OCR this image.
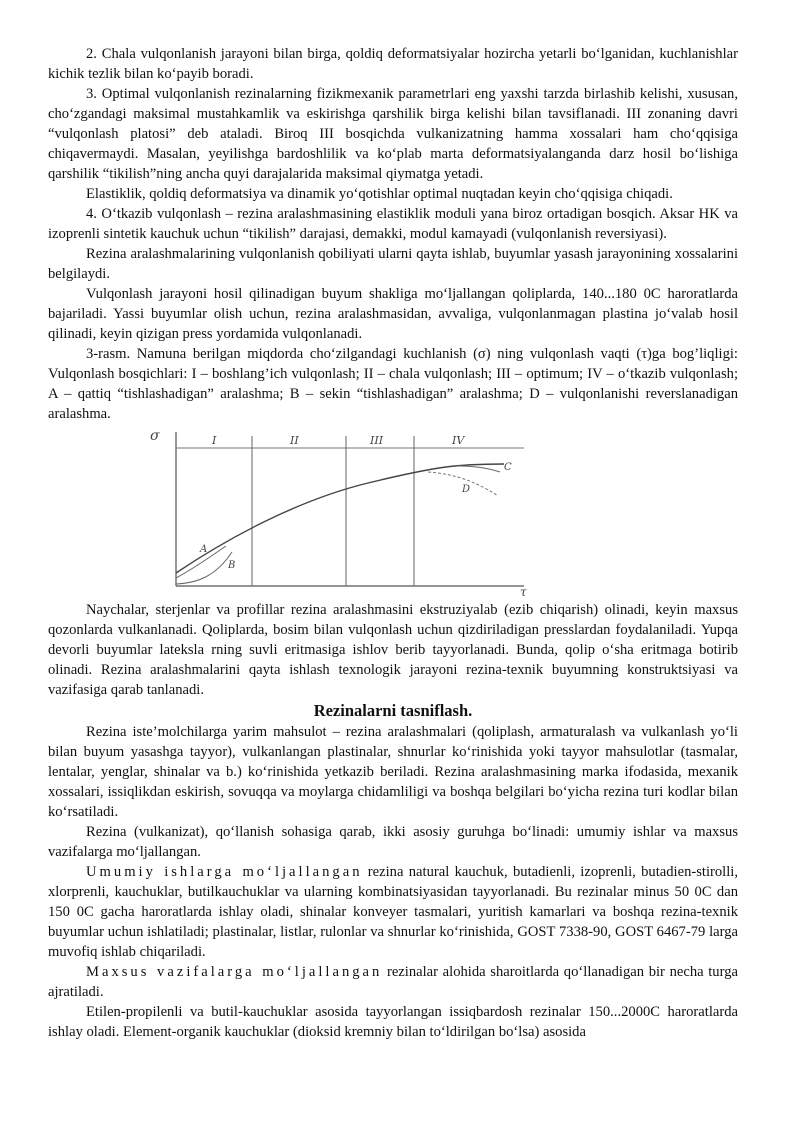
2. Chala vulqonlanish jarayoni bilan birga, qoldiq deformatsiyalar hozircha yetarli bo‘lganidan, kuchlanishlar kichik tezlik bilan ko‘payib boradi.

3. Optimal vulqonlanish rezinalarning fizikmexanik parametrlari eng yaxshi tarzda birlashib kelishi, xususan, cho‘zgandagi maksimal mustahkamlik va eskirishga qarshilik birga kelishi bilan tavsiflanadi. III zonaning davri “vulqonlash platosi” deb ataladi. Biroq III bosqichda vulkanizatning hamma xossalari ham cho‘qqisiga chiqavermaydi. Masalan, yeyilishga bardoshlilik va ko‘plab marta deformatsiyalanganda darz hosil bo‘lishiga qarshilik “tikilish”ning ancha quyi darajalarida maksimal qiymatga yetadi.

Elastiklik, qoldiq deformatsiya va dinamik yo‘qotishlar optimal nuqtadan keyin cho‘qqisiga chiqadi.

4. O‘tkazib vulqonlash – rezina aralashmasining elastiklik moduli yana biroz ortadigan bosqich. Aksar HK va izoprenli sintetik kauchuk uchun “tikilish” darajasi, demakki, modul kamayadi (vulqonlanish reversiyasi).

Rezina aralashmalarining vulqonlanish qobiliyati ularni qayta ishlab, buyumlar yasash jarayonining xossalarini belgilaydi.

Vulqonlash jarayoni hosil qilinadigan buyum shakliga mo‘ljallangan qoliplarda, 140...180 0C haroratlarda bajariladi. Yassi buyumlar olish uchun, rezina aralashmasidan, avvaliga, vulqonlanmagan plastina jo‘valab hosil qilinadi, keyin qizigan press yordamida vulqonlanadi.

3-rasm. Namuna berilgan miqdorda cho‘zilgandagi kuchlanish (σ) ning vulqonlash vaqti (τ)ga bog’liqligi: Vulqonlash bosqichlari: I – boshlang’ich vulqonlash; II – chala vulqonlash; III – optimum; IV – o‘tkazib vulqonlash; A – qattiq “tishlashadigan” aralashma; B – sekin “tishlashadigan” aralashma; D – vulqonlanishi reverslanadigan aralashma.

σ
τ
I	II	III	IV
A
B
C
D

Naychalar, sterjenlar va profillar rezina aralashmasini ekstruziyalab (ezib chiqarish) olinadi, keyin maxsus qozonlarda vulkanlanadi. Qoliplarda, bosim bilan vulqonlash uchun qizdiriladigan presslardan foydalaniladi. Yupqa devorli buyumlar lateksla rning suvli eritmasiga ishlov berib tayyorlanadi. Bunda, qolip o‘sha eritmaga botirib olinadi. Rezina aralashmalarini qayta ishlash texnologik jarayoni rezina-texnik buyumning konstruktsiyasi va vazifasiga qarab tanlanadi.

Rezinalarni tasniflash.

Rezina iste’molchilarga yarim mahsulot – rezina aralashmalari (qoliplash, armaturalash va vulkanlash yo‘li bilan buyum yasashga tayyor), vulkanlangan plastinalar, shnurlar ko‘rinishida yoki tayyor mahsulotlar (tasmalar, lentalar, yenglar, shinalar va b.) ko‘rinishida yetkazib beriladi. Rezina aralashmasining marka ifodasida, mexanik xossalari, issiqlikdan eskirish, sovuqqa va moylarga chidamliligi va boshqa belgilari bo‘yicha rezina turi kodlar bilan ko‘rsatiladi.

Rezina (vulkanizat), qo‘llanish sohasiga qarab, ikki asosiy guruhga bo‘linadi: umumiy ishlar va maxsus vazifalarga mo‘ljallangan.

Umumiy ishlarga mo‘ljallangan rezina natural kauchuk, butadienli, izoprenli, butadien-stirolli, xlorprenli, kauchuklar, butilkauchuklar va ularning kombinatsiyasidan tayyorlanadi. Bu rezinalar minus 50 0C dan 150 0C gacha haroratlarda ishlay oladi, shinalar konveyer tasmalari, yuritish kamarlari va boshqa rezina-texnik buyumlar uchun ishlatiladi; plastinalar, listlar, rulonlar va shnurlar ko‘rinishida, GOST 7338-90, GOST 6467-79 larga muvofiq ishlab chiqariladi.

Maxsus vazifalarga mo‘ljallangan rezinalar alohida sharoitlarda qo‘llanadigan bir necha turga ajratiladi.

Etilen-propilenli va butil-kauchuklar asosida tayyorlangan issiqbardosh rezinalar 150...2000C haroratlarda ishlay oladi. Element-organik kauchuklar (dioksid kremniy bilan to‘ldirilgan bo‘lsa) asosida
